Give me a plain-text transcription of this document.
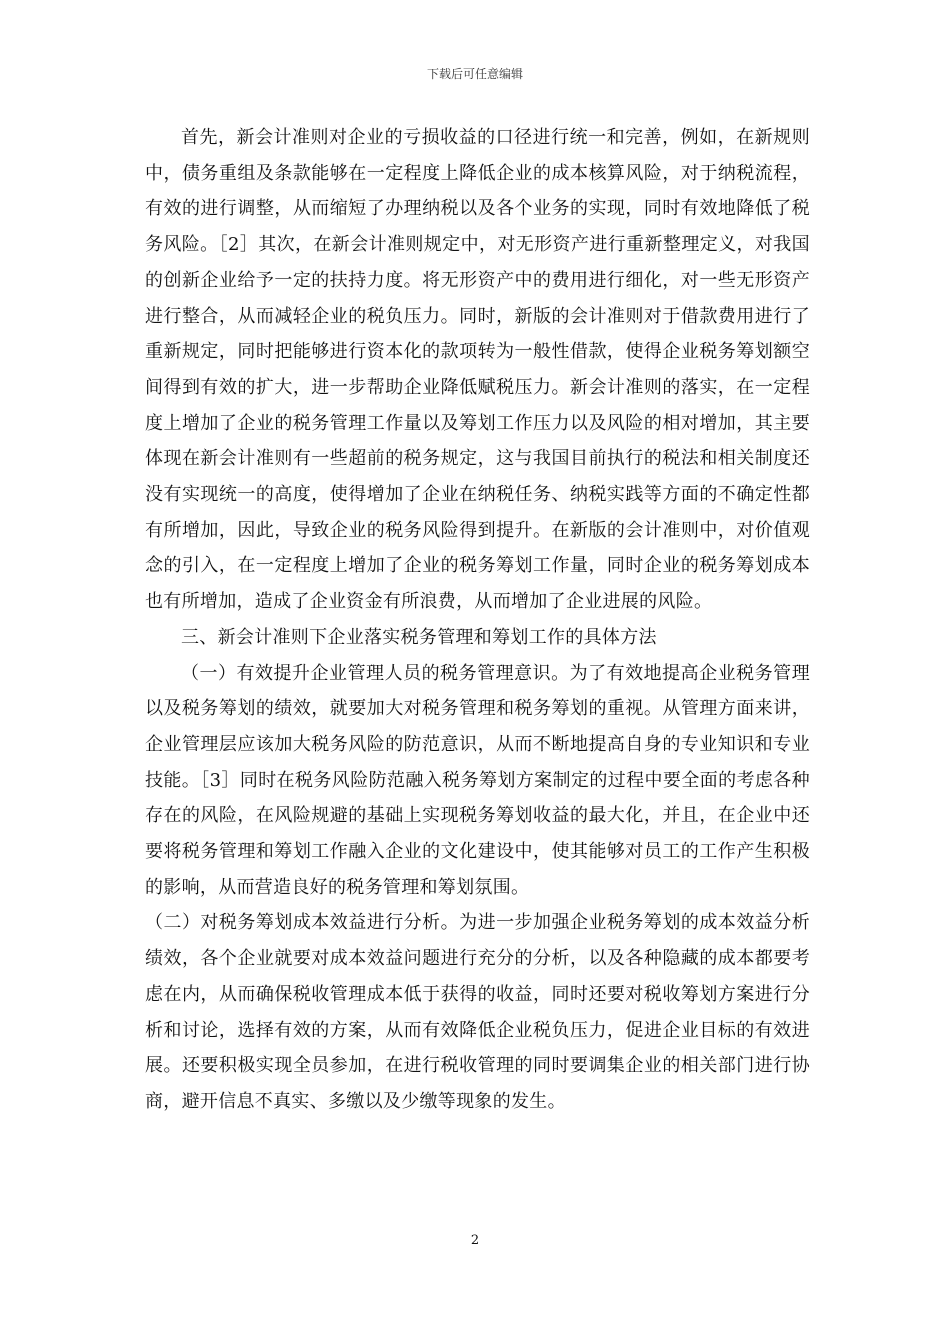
下载后可任意编辑

首先，新会计准则对企业的亏损收益的口径进行统一和完善，例如，在新规则中，债务重组及条款能够在一定程度上降低企业的成本核算风险，对于纳税流程，有效的进行调整，从而缩短了办理纳税以及各个业务的实现，同时有效地降低了税务风险。［2］其次，在新会计准则规定中，对无形资产进行重新整理定义，对我国的创新企业给予一定的扶持力度。将无形资产中的费用进行细化，对一些无形资产进行整合，从而减轻企业的税负压力。同时，新版的会计准则对于借款费用进行了重新规定，同时把能够进行资本化的款项转为一般性借款，使得企业税务筹划额空间得到有效的扩大，进一步帮助企业降低赋税压力。新会计准则的落实，在一定程度上增加了企业的税务管理工作量以及筹划工作压力以及风险的相对增加，其主要体现在新会计准则有一些超前的税务规定，这与我国目前执行的税法和相关制度还没有实现统一的高度，使得增加了企业在纳税任务、纳税实践等方面的不确定性都有所增加，因此，导致企业的税务风险得到提升。在新版的会计准则中，对价值观念的引入，在一定程度上增加了企业的税务筹划工作量，同时企业的税务筹划成本也有所增加，造成了企业资金有所浪费，从而增加了企业进展的风险。

三、新会计准则下企业落实税务管理和筹划工作的具体方法

（一）有效提升企业管理人员的税务管理意识。为了有效地提高企业税务管理以及税务筹划的绩效，就要加大对税务管理和税务筹划的重视。从管理方面来讲，企业管理层应该加大税务风险的防范意识，从而不断地提高自身的专业知识和专业技能。［3］同时在税务风险防范融入税务筹划方案制定的过程中要全面的考虑各种存在的风险，在风险规避的基础上实现税务筹划收益的最大化，并且，在企业中还要将税务管理和筹划工作融入企业的文化建设中，使其能够对员工的工作产生积极的影响，从而营造良好的税务管理和筹划氛围。

（二）对税务筹划成本效益进行分析。为进一步加强企业税务筹划的成本效益分析绩效，各个企业就要对成本效益问题进行充分的分析，以及各种隐藏的成本都要考虑在内，从而确保税收管理成本低于获得的收益，同时还要对税收筹划方案进行分析和讨论，选择有效的方案，从而有效降低企业税负压力，促进企业目标的有效进展。还要积极实现全员参加，在进行税收管理的同时要调集企业的相关部门进行协商，避开信息不真实、多缴以及少缴等现象的发生。

2
